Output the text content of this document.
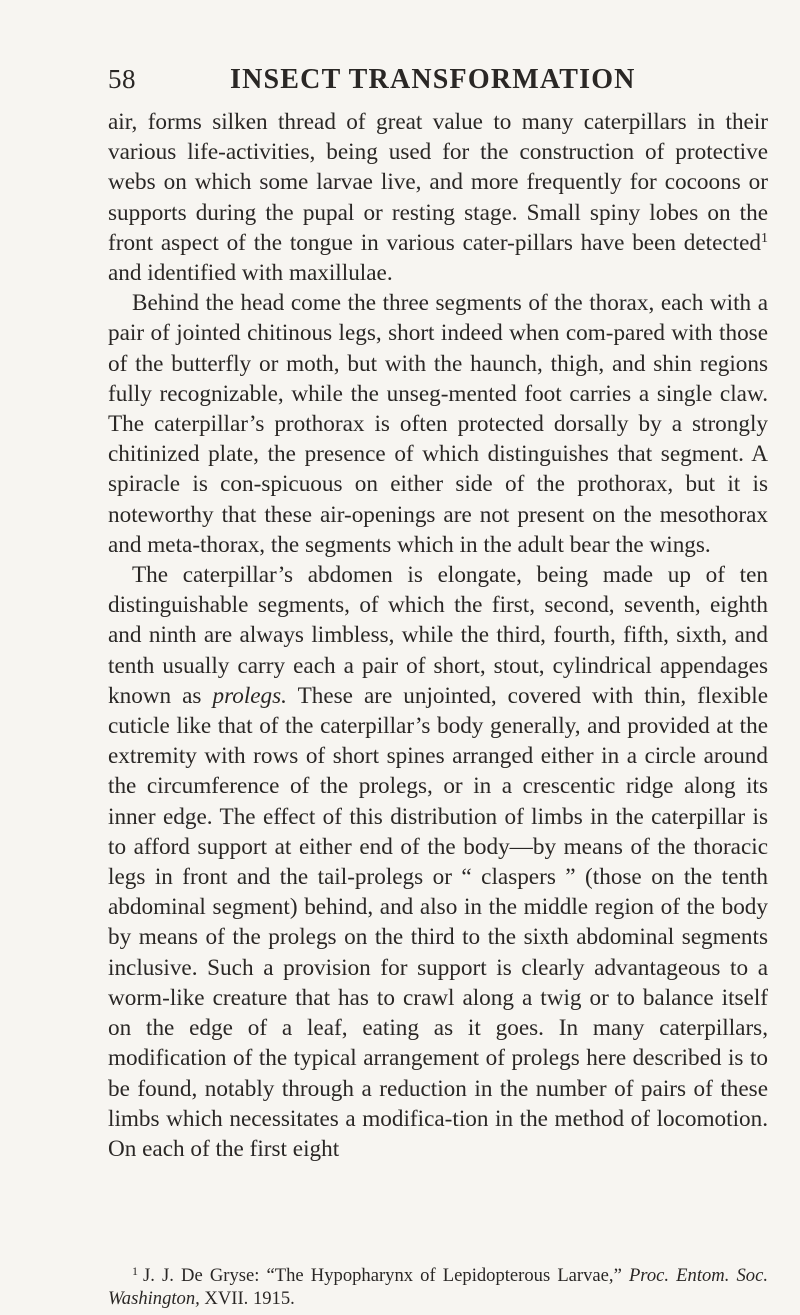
58	INSECT TRANSFORMATION

air, forms silken thread of great value to many caterpillars in their various life-activities, being used for the construction of protective webs on which some larvae live, and more frequently for cocoons or supports during the pupal or resting stage. Small spiny lobes on the front aspect of the tongue in various cater-pillars have been detected$^1$ and identified with maxillulae.

Behind the head come the three segments of the thorax, each with a pair of jointed chitinous legs, short indeed when com-pared with those of the butterfly or moth, but with the haunch, thigh, and shin regions fully recognizable, while the unseg-mented foot carries a single claw. The caterpillar’s prothorax is often protected dorsally by a strongly chitinized plate, the presence of which distinguishes that segment. A spiracle is con-spicuous on either side of the prothorax, but it is noteworthy that these air-openings are not present on the mesothorax and meta-thorax, the segments which in the adult bear the wings.

The caterpillar’s abdomen is elongate, being made up of ten distinguishable segments, of which the first, second, seventh, eighth and ninth are always limbless, while the third, fourth, fifth, sixth, and tenth usually carry each a pair of short, stout, cylindrical appendages known as prolegs. These are unjointed, covered with thin, flexible cuticle like that of the caterpillar’s body generally, and provided at the extremity with rows of short spines arranged either in a circle around the circumference of the prolegs, or in a crescentic ridge along its inner edge. The effect of this distribution of limbs in the caterpillar is to afford support at either end of the body—by means of the thoracic legs in front and the tail-prolegs or “ claspers ” (those on the tenth abdominal segment) behind, and also in the middle region of the body by means of the prolegs on the third to the sixth abdominal segments inclusive. Such a provision for support is clearly advantageous to a worm-like creature that has to crawl along a twig or to balance itself on the edge of a leaf, eating as it goes. In many caterpillars, modification of the typical arrangement of prolegs here described is to be found, notably through a reduction in the number of pairs of these limbs which necessitates a modifica-tion in the method of locomotion. On each of the first eight

$^1$ J. J. De Gryse: “The Hypopharynx of Lepidopterous Larvae,” Proc. Entom. Soc. Washington, XVII. 1915.
